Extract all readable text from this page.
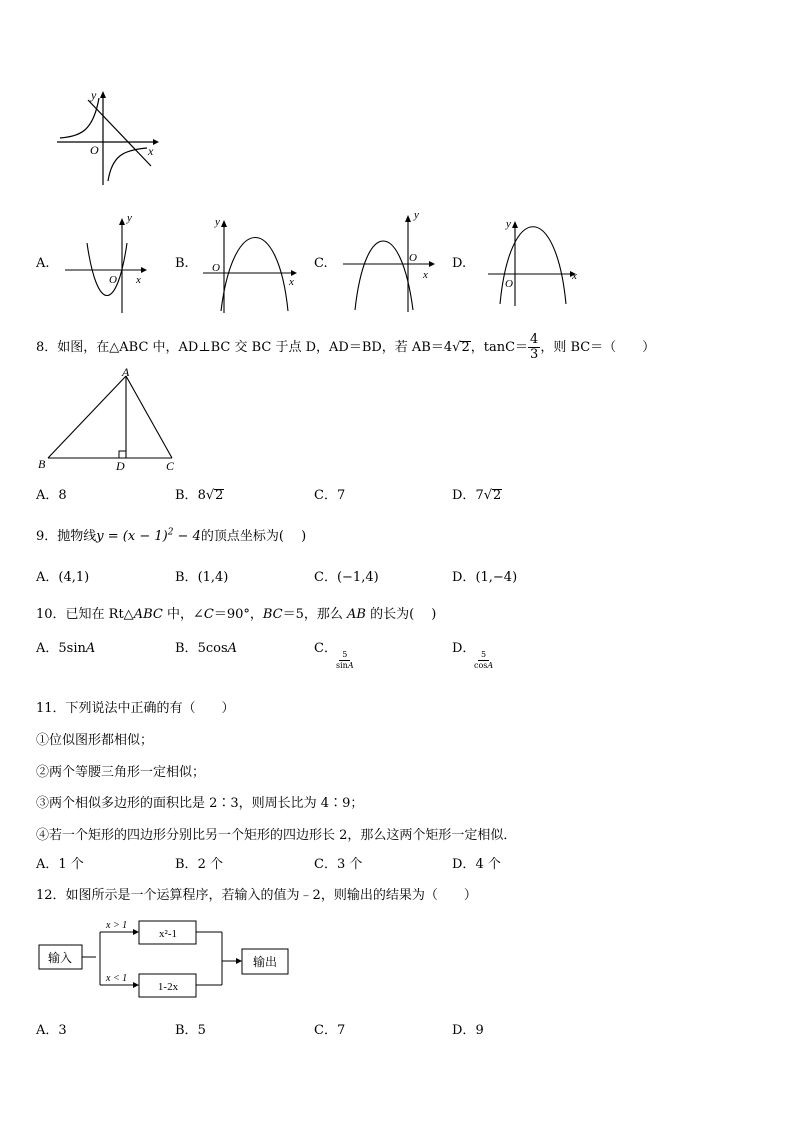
x
y
O
A.
y
x
O
B.
y
x
O	C.
y
x
O	D.
y
x
O
8．如图，在△ABC 中，AD⊥BC 交 BC 于点 D，AD＝BD，若 AB＝4√2，$\tan C= \frac{4}{3}$ ，则 BC＝（　　）
A
B	D	C
A．8	B．8√2	C．7	D．7√2
9．抛物线$y = (x - 1)^2 - 4$的顶点坐标为(　 )
A．(4,1)	B．(1,4)	C．(−1,4)	D．(1,−4)
10．已知在 Rt△ABC 中，∠C＝90°，BC＝5，那么 AB 的长为(　 )
A．5sinA	B．5cosA	C．
$\frac{5}{\sin A}$
D．
$\frac{5}{\cos A}$
11．下列说法中正确的有（　　）
①位似图形都相似；
②两个等腰三角形一定相似；
③两个相似多边形的面积比是 2∶3，则周长比为 4∶9；
④若一个矩形的四边形分别比另一个矩形的四边形长 2，那么这两个矩形一定相似．
A．1 个	B．2 个	C．3 个	D．4 个
12．如图所示是一个运算程序，若输入的值为﹣2，则输出的结果为（　　）
输入
x > 1
x < 1
x²-1
1-2x
输出
A．3	B．5	C．7	D．9
